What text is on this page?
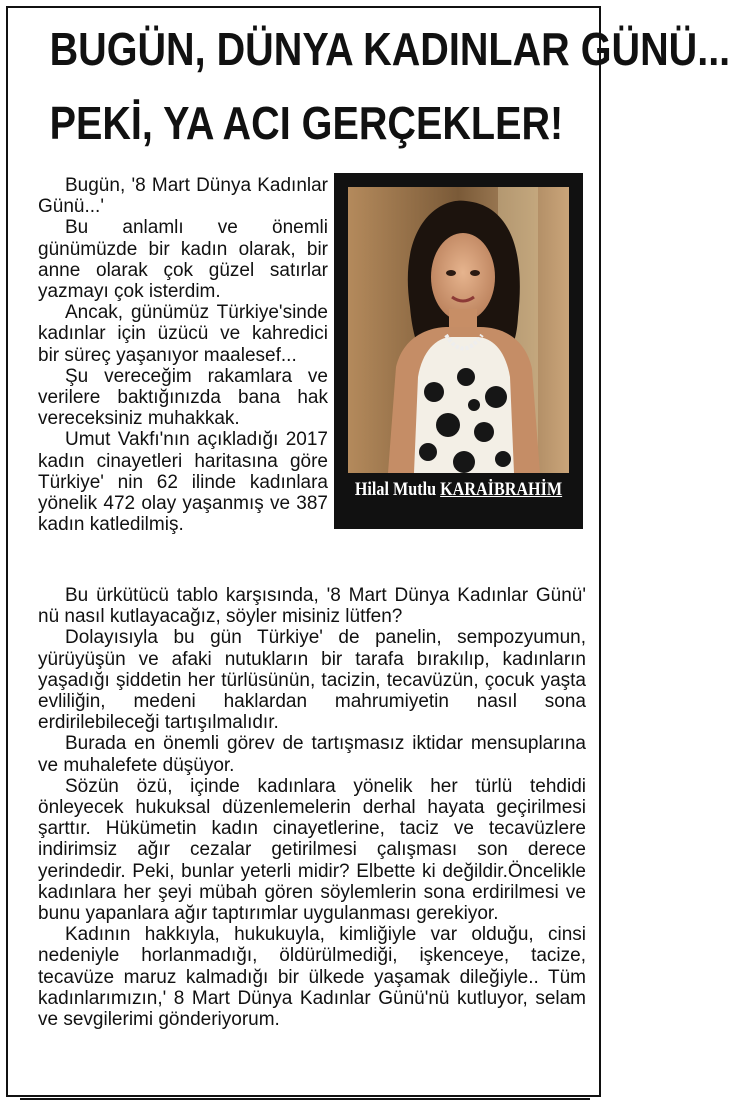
BUGÜN, DÜNYA KADINLAR GÜNÜ...
PEKİ, YA ACI GERÇEKLER!
Hilal Mutlu KARAİBRAHİM

Bugün, '8 Mart Dünya Kadınlar Günü...'

Bu anlamlı ve önemli günümüzde bir kadın olarak, bir anne olarak çok güzel satırlar yazmayı çok isterdim.

Ancak, günümüz Türkiye'sinde kadınlar için üzücü ve kahredici bir süreç yaşanıyor maalesef...

Şu vereceğim rakamlara ve verilere baktığınızda bana hak vereceksiniz muhakkak.

Umut Vakfı'nın açıkladığı 2017 kadın cinayetleri haritasına göre Türkiye' nin 62 ilinde kadınlara yönelik 472 olay yaşanmış ve 387 kadın katledilmiş.

Bu ürkütücü tablo karşısında, '8 Mart Dünya Kadınlar Günü' nü nasıl kutlayacağız, söyler misiniz lütfen?

Dolayısıyla bu gün Türkiye' de panelin, sempozyumun, yürüyüşün ve afaki nutukların bir tarafa bırakılıp, kadınların yaşadığı şiddetin her türlüsünün, tacizin, tecavüzün, çocuk yaşta evliliğin, medeni haklardan mahrumiyetin nasıl sona erdirilebileceği tartışılmalıdır.

Burada en önemli görev de tartışmasız iktidar mensuplarına ve muhalefete düşüyor.

Sözün özü, içinde kadınlara yönelik her türlü tehdidi önleyecek hukuksal düzenlemelerin derhal hayata geçirilmesi şarttır. Hükümetin kadın cinayetlerine, taciz ve tecavüzlere indirimsiz ağır cezalar getirilmesi çalışması son derece yerindedir. Peki, bunlar yeterli midir? Elbette ki değildir.Öncelikle kadınlara her şeyi mübah gören söylemlerin sona erdirilmesi ve bunu yapanlara ağır taptırımlar uygulanması gerekiyor.

Kadının hakkıyla, hukukuyla, kimliğiyle var olduğu, cinsi nedeniyle horlanmadığı, öldürülmediği, işkenceye, tacize, tecavüze maruz kalmadığı bir ülkede yaşamak dileğiyle.. Tüm kadınlarımızın,' 8 Mart Dünya Kadınlar Günü'nü kutluyor, selam ve sevgilerimi gönderiyorum.
